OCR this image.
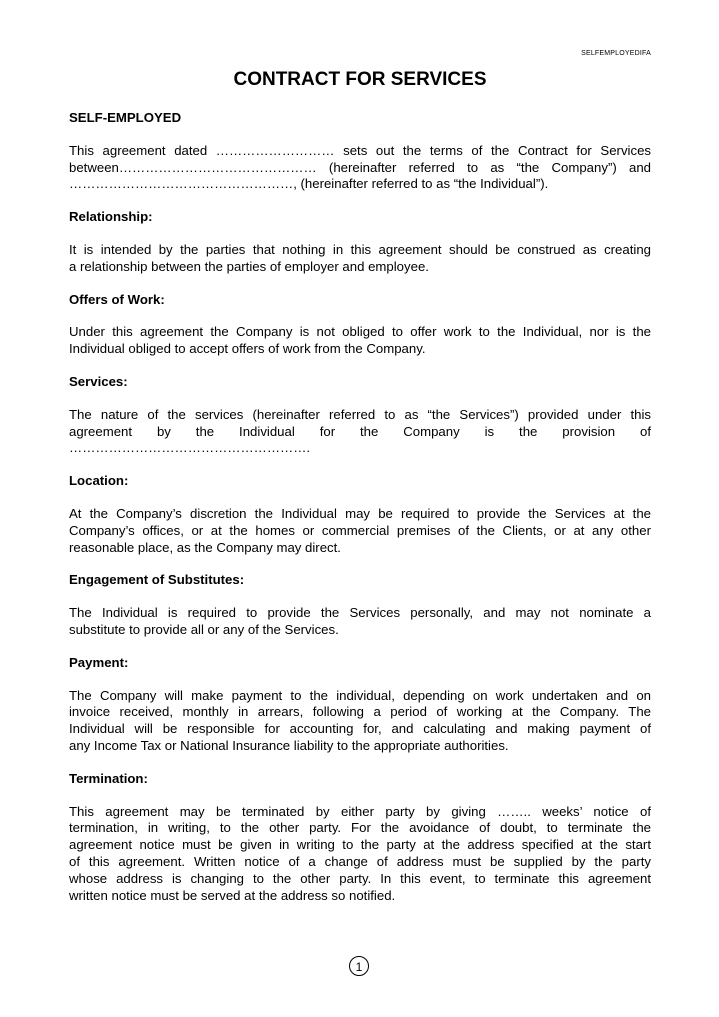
SELFEMPLOYEDIFA
CONTRACT FOR SERVICES
SELF-EMPLOYED
This agreement dated ……………………… sets out the terms of the Contract for Services
between……………………………………… (hereinafter referred to as “the Company”) and
……………………………………………, (hereinafter referred to as “the Individual”).
Relationship:
It is intended by the parties that nothing in this agreement should be construed as creating
a relationship between the parties of employer and employee.
Offers of Work:
Under this agreement the Company is not obliged to offer work to the Individual, nor is the
Individual obliged to accept offers of work from the Company.
Services:
The nature of the services (hereinafter referred to as “the Services”) provided under this
agreement by the Individual for the Company is the provision of
……………………………………………….
Location:
At the Company’s discretion the Individual may be required to provide the Services at the
Company’s offices, or at the homes or commercial premises of the Clients, or at any other
reasonable place, as the Company may direct.
Engagement of Substitutes:
The Individual is required to provide the Services personally, and may not nominate a
substitute to provide all or any of the Services.
Payment:
The Company will make payment to the individual, depending on work undertaken and on
invoice received, monthly in arrears, following a period of working at the Company. The
Individual will be responsible for accounting for, and calculating and making payment of
any Income Tax or National Insurance liability to the appropriate authorities.
Termination:
This agreement may be terminated by either party by giving …….. weeks’ notice of
termination, in writing, to the other party. For the avoidance of doubt, to terminate the
agreement notice must be given in writing to the party at the address specified at the start
of this agreement. Written notice of a change of address must be supplied by the party
whose address is changing to the other party. In this event, to terminate this agreement
written notice must be served at the address so notified.
1
